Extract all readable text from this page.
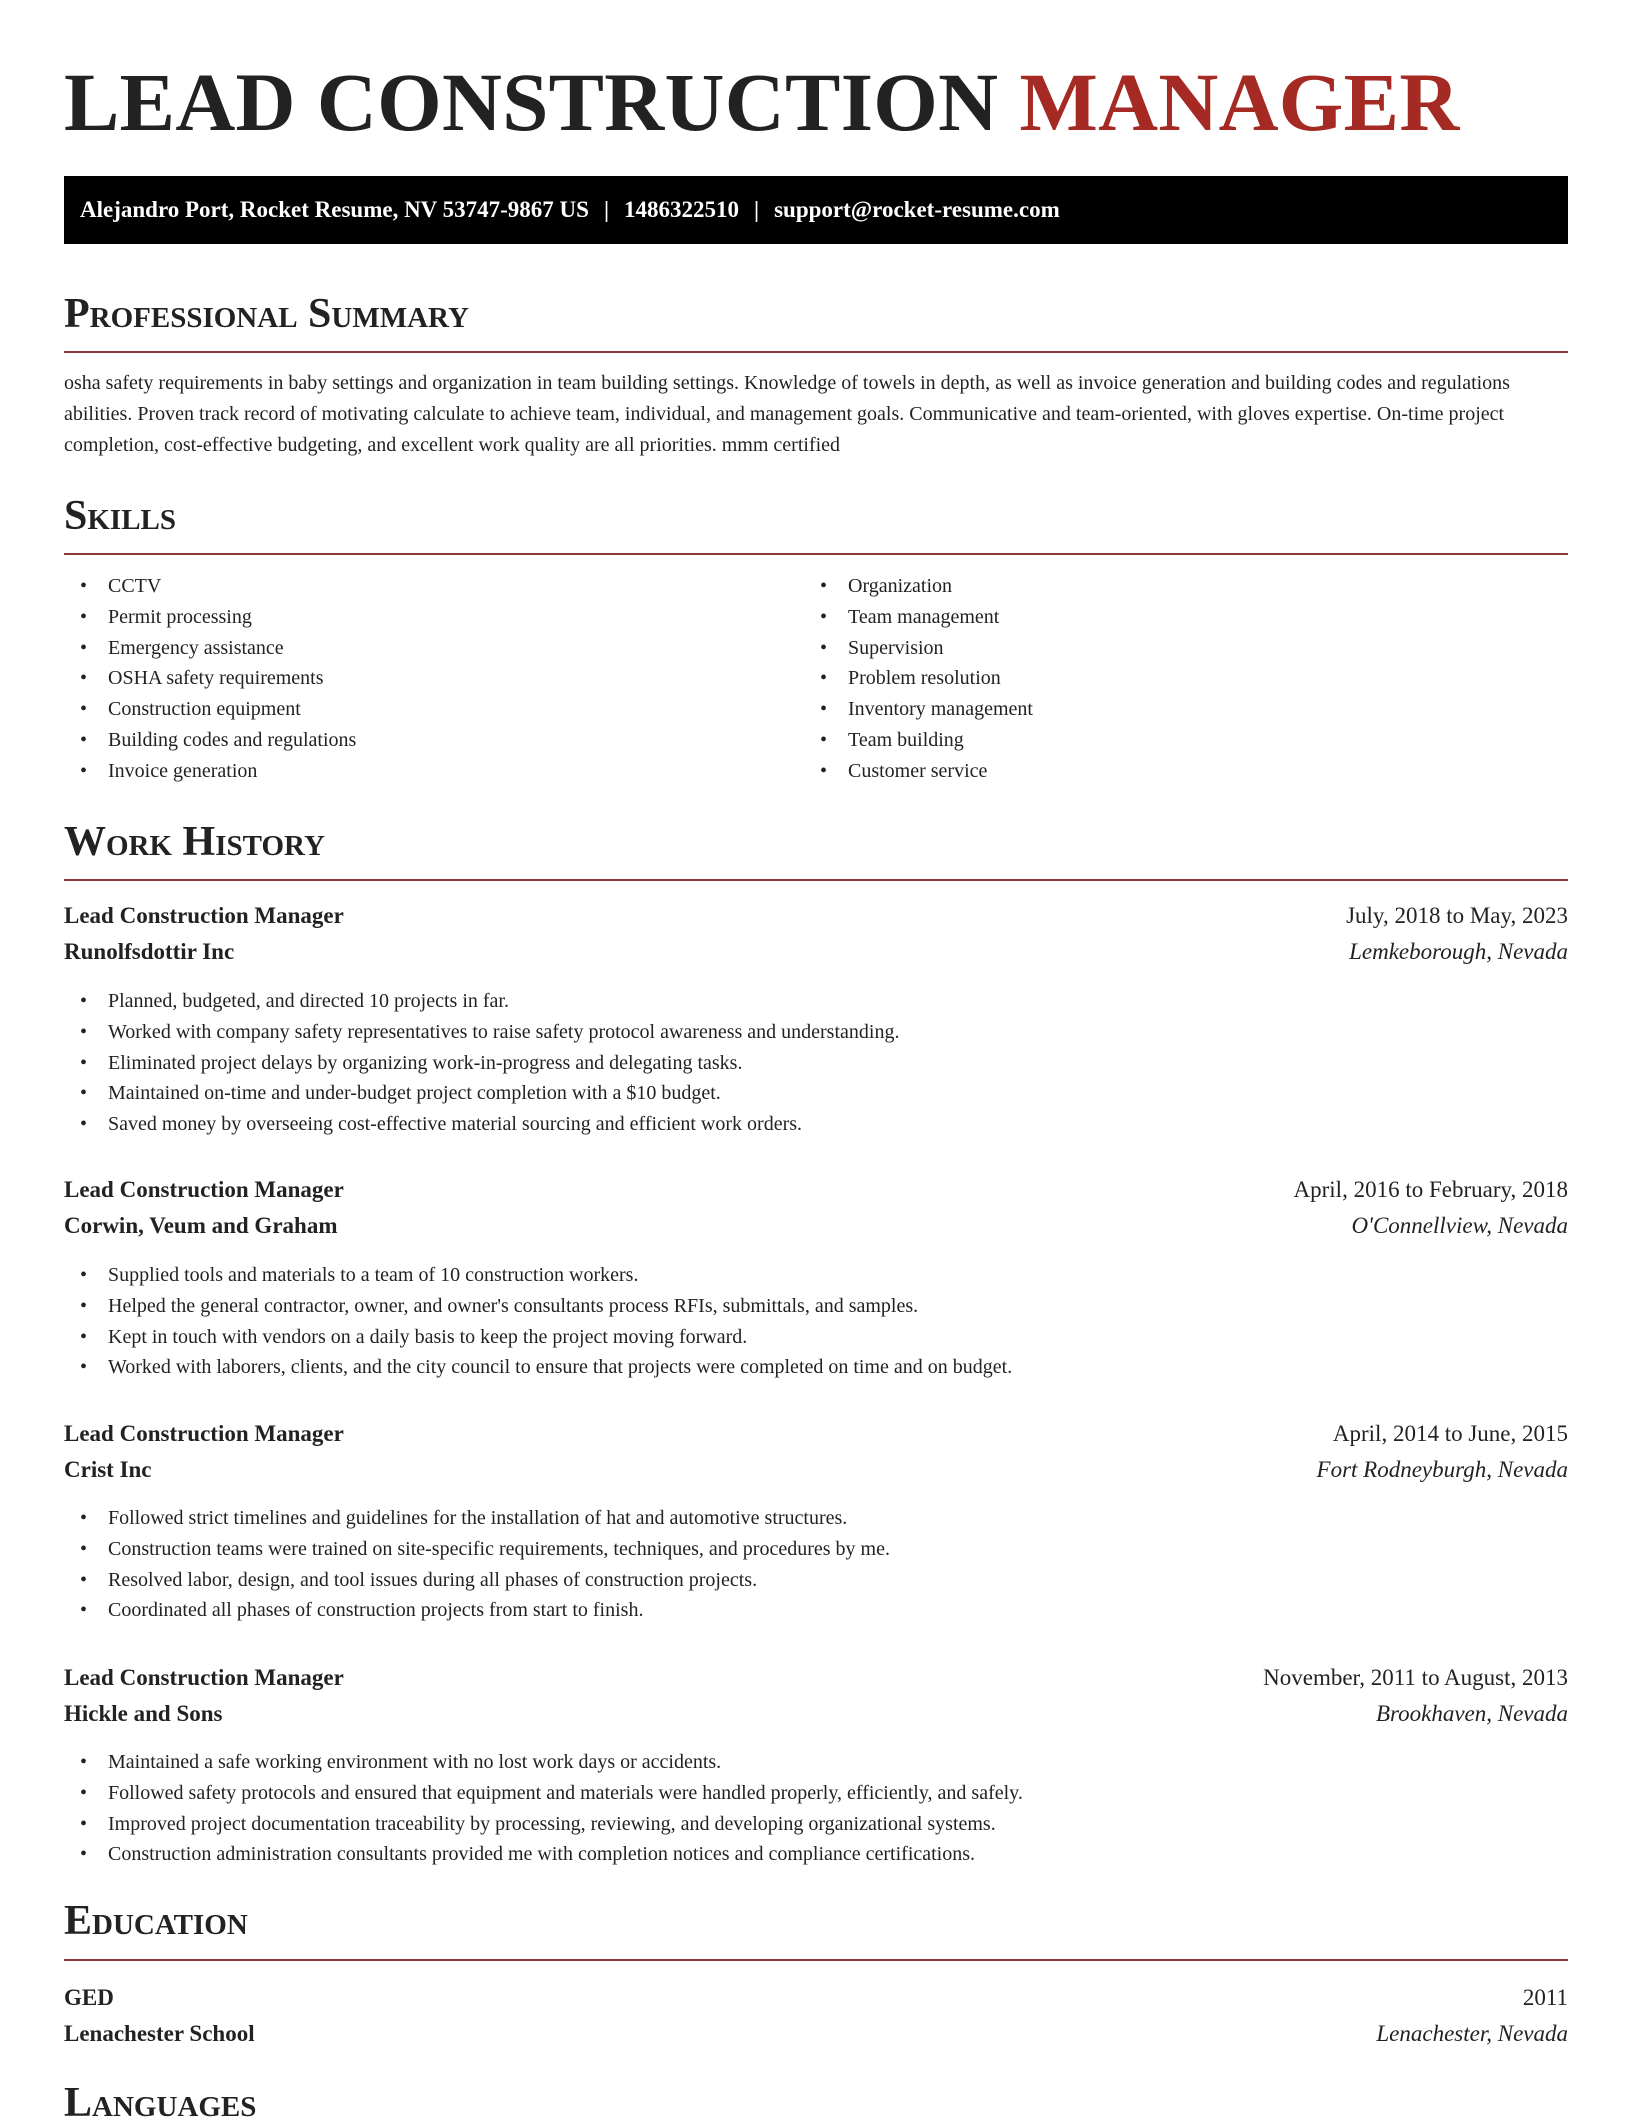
LEAD CONSTRUCTION MANAGER
Alejandro Port, Rocket Resume, NV 53747-9867 US | 1486322510 | support@rocket-resume.com
Professional Summary

osha safety requirements in baby settings and organization in team building settings. Knowledge of towels in depth, as well as invoice generation and building codes and regulations abilities. Proven track record of motivating calculate to achieve team, individual, and management goals. Communicative and team-oriented, with gloves expertise. On-time project completion, cost-effective budgeting, and excellent work quality are all priorities. mmm certified

Skills
• CCTV
• Permit processing
• Emergency assistance
• OSHA safety requirements
• Construction equipment
• Building codes and regulations
• Invoice generation
• Organization
• Team management
• Supervision
• Problem resolution
• Inventory management
• Team building
• Customer service
Work History
Lead Construction Manager	July, 2018 to May, 2023
Runolfsdottir Inc	Lemkeborough, Nevada
• Planned, budgeted, and directed 10 projects in far.
• Worked with company safety representatives to raise safety protocol awareness and understanding.
• Eliminated project delays by organizing work-in-progress and delegating tasks.
• Maintained on-time and under-budget project completion with a $10 budget.
• Saved money by overseeing cost-effective material sourcing and efficient work orders.
Lead Construction Manager	April, 2016 to February, 2018
Corwin, Veum and Graham	O'Connellview, Nevada
• Supplied tools and materials to a team of 10 construction workers.
• Helped the general contractor, owner, and owner's consultants process RFIs, submittals, and samples.
• Kept in touch with vendors on a daily basis to keep the project moving forward.
• Worked with laborers, clients, and the city council to ensure that projects were completed on time and on budget.
Lead Construction Manager	April, 2014 to June, 2015
Crist Inc	Fort Rodneyburgh, Nevada
• Followed strict timelines and guidelines for the installation of hat and automotive structures.
• Construction teams were trained on site-specific requirements, techniques, and procedures by me.
• Resolved labor, design, and tool issues during all phases of construction projects.
• Coordinated all phases of construction projects from start to finish.
Lead Construction Manager	November, 2011 to August, 2013
Hickle and Sons	Brookhaven, Nevada
• Maintained a safe working environment with no lost work days or accidents.
• Followed safety protocols and ensured that equipment and materials were handled properly, efficiently, and safely.
• Improved project documentation traceability by processing, reviewing, and developing organizational systems.
• Construction administration consultants provided me with completion notices and compliance certifications.
Education
GED	2011
Lenachester School	Lenachester, Nevada
Languages
